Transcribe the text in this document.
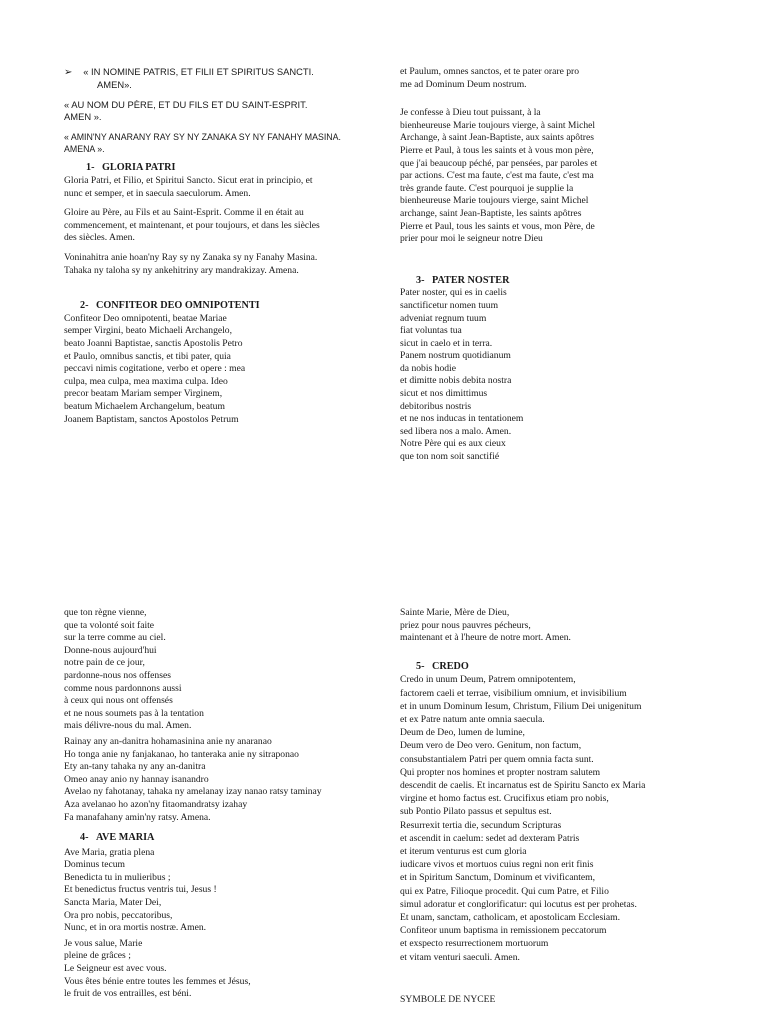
➢ « IN NOMINE PATRIS, ET FILII ET SPIRITUS SANCTI.
AMEN».
« AU NOM DU PÈRE, ET DU FILS ET DU SAINT-ESPRIT.
AMEN ».
« AMIN'NY ANARANY RAY SY NY ZANAKA SY NY FANAHY MASINA.
AMENA ».
1- GLORIA PATRI
Gloria Patri, et Filio, et Spiritui Sancto. Sicut erat in principio, et
nunc et semper, et in saecula saeculorum. Amen.
Gloire au Père, au Fils et au Saint-Esprit. Comme il en était au
commencement, et maintenant, et pour toujours, et dans les siècles
des siècles. Amen.
Voninahitra anie hoan'ny Ray sy ny Zanaka sy ny Fanahy Masina.
Tahaka ny taloha sy ny ankehitriny ary mandrakizay. Amena.
2- CONFITEOR DEO OMNIPOTENTI
Confiteor Deo omnipotenti, beatae Mariae
semper Virgini, beato Michaeli Archangelo,
beato Joanni Baptistae, sanctis Apostolis Petro
et Paulo, omnibus sanctis, et tibi pater, quia
peccavi nimis cogitatione, verbo et opere : mea
culpa, mea culpa, mea maxima culpa. Ideo
precor beatam Mariam semper Virginem,
beatum Michaelem Archangelum, beatum
Joanem Baptistam, sanctos Apostolos Petrum
et Paulum, omnes sanctos, et te pater orare pro
me ad Dominum Deum nostrum.
Je confesse à Dieu tout puissant, à la
bienheureuse Marie toujours vierge, à saint Michel
Archange, à saint Jean-Baptiste, aux saints apôtres
Pierre et Paul, à tous les saints et à vous mon père,
que j'ai beaucoup péché, par pensées, par paroles et
par actions. C'est ma faute, c'est ma faute, c'est ma
très grande faute. C'est pourquoi je supplie la
bienheureuse Marie toujours vierge, saint Michel
archange, saint Jean-Baptiste, les saints apôtres
Pierre et Paul, tous les saints et vous, mon Père, de
prier pour moi le seigneur notre Dieu
3- PATER NOSTER
Pater noster, qui es in caelis
sanctificetur nomen tuum
adveniat regnum tuum
fiat voluntas tua
sicut in caelo et in terra.
Panem nostrum quotidianum
da nobis hodie
et dimitte nobis debita nostra
sicut et nos dimittimus
debitoribus nostris
et ne nos inducas in tentationem
sed libera nos a malo. Amen.
Notre Père qui es aux cieux
que ton nom soit sanctifié
que ton règne vienne,
que ta volonté soit faite
sur la terre comme au ciel.
Donne-nous aujourd'hui
notre pain de ce jour,
pardonne-nous nos offenses
comme nous pardonnons aussi
à ceux qui nous ont offensés
et ne nous soumets pas à la tentation
mais délivre-nous du mal. Amen.
Rainay any an-danitra hohamasinina anie ny anaranao
Ho tonga anie ny fanjakanao, ho tanteraka anie ny sitraponao
Ety an-tany tahaka ny any an-danitra
Omeo anay anio ny hannay isanandro
Avelao ny fahotanay, tahaka ny amelanay izay nanao ratsy taminay
Aza avelanao ho azon'ny fitaomandratsy izahay
Fa manafahany amin'ny ratsy. Amena.
4- AVE MARIA
Ave Maria, gratia plena
Dominus tecum
Benedicta tu in mulieribus ;
Et benedictus fructus ventris tui, Jesus !
Sancta Maria, Mater Dei,
Ora pro nobis, peccatoribus,
Nunc, et in ora mortis nostræ. Amen.
Je vous salue, Marie
pleine de grâces ;
Le Seigneur est avec vous.
Vous êtes bénie entre toutes les femmes et Jésus,
le fruit de vos entrailles, est béni.
Sainte Marie, Mère de Dieu,
priez pour nous pauvres pécheurs,
maintenant et à l'heure de notre mort. Amen.
5- CREDO
Credo in unum Deum, Patrem omnipotentem,
factorem caeli et terrae, visibilium omnium, et invisibilium
et in unum Dominum Iesum, Christum, Filium Dei unigenitum
et ex Patre natum ante omnia saecula.
Deum de Deo, lumen de lumine,
Deum vero de Deo vero. Genitum, non factum,
consubstantialem Patri per quem omnia facta sunt.
Qui propter nos homines et propter nostram salutem
descendit de caelis. Et incarnatus est de Spiritu Sancto ex Maria
virgine et homo factus est. Crucifixus etiam pro nobis,
sub Pontio Pilato passus et sepultus est.
Resurrexit tertia die, secundum Scripturas
et ascendit in caelum: sedet ad dexteram Patris
et iterum venturus est cum gloria
iudicare vivos et mortuos cuius regni non erit finis
et in Spiritum Sanctum, Dominum et vivificantem,
qui ex Patre, Filioque procedit. Qui cum Patre, et Filio
simul adoratur et conglorificatur: qui locutus est per prohetas.
Et unam, sanctam, catholicam, et apostolicam Ecclesiam.
Confiteor unum baptisma in remissionem peccatorum
et exspecto resurrectionem mortuorum
et vitam venturi saeculi. Amen.
SYMBOLE DE NYCEE
